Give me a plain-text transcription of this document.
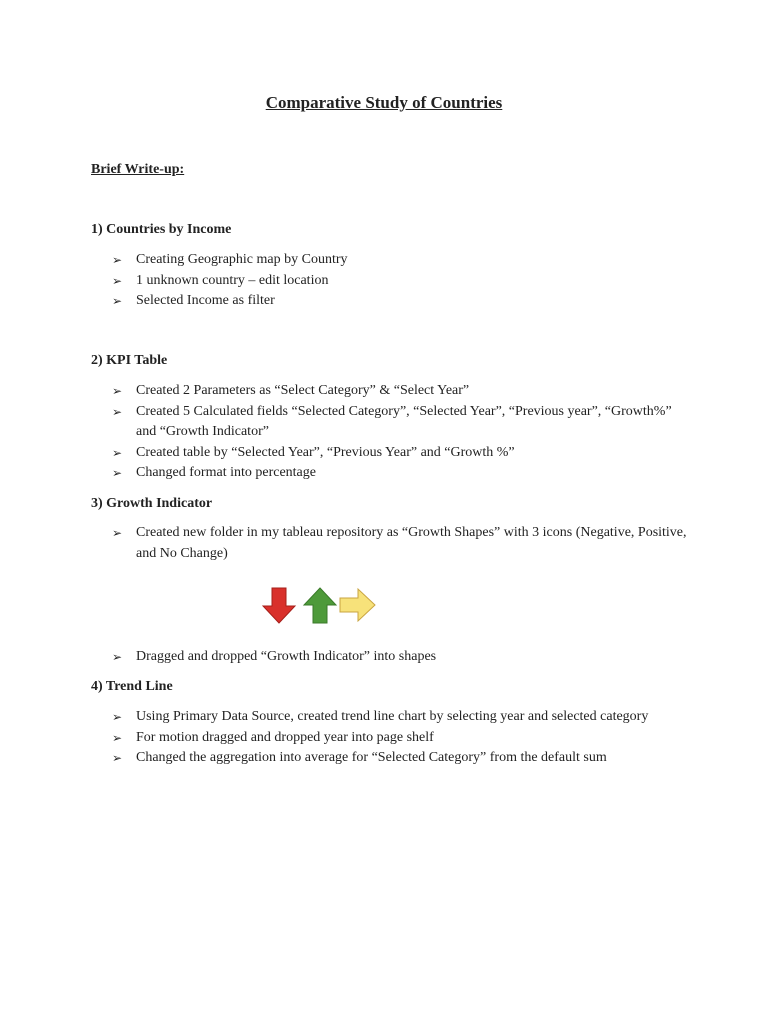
Comparative Study of Countries
Brief Write-up:
1) Countries by Income
➢ Creating Geographic map by Country
➢ 1 unknown country – edit location
➢ Selected Income as filter
2) KPI Table
➢ Created 2 Parameters as “Select Category” & “Select Year”
➢ Created 5 Calculated fields “Selected Category”, “Selected Year”, “Previous year”, “Growth%” and “Growth Indicator”
➢ Created table by “Selected Year”, “Previous Year” and “Growth %”
➢ Changed format into percentage
3) Growth Indicator
➢ Created new folder in my tableau repository as “Growth Shapes” with 3 icons (Negative, Positive, and No Change)
➢ Dragged and dropped “Growth Indicator” into shapes
4) Trend Line
➢ Using Primary Data Source, created trend line chart by selecting year and selected category
➢ For motion dragged and dropped year into page shelf
➢ Changed the aggregation into average for “Selected Category” from the default sum
